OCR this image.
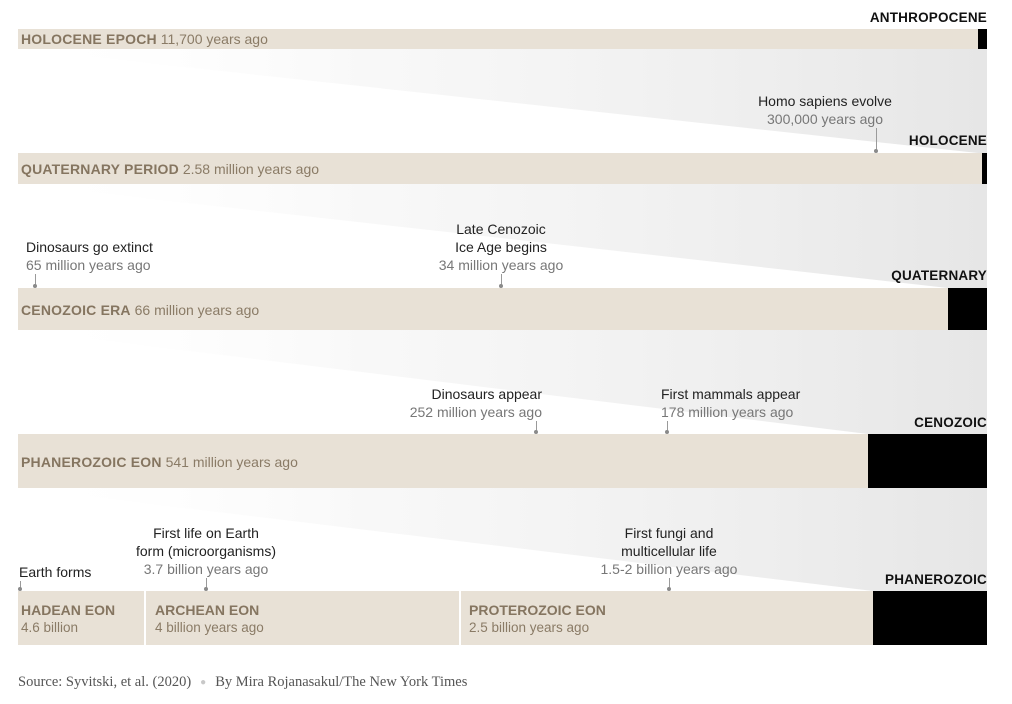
ANTHROPOCENE
HOLOCENE EPOCH 11,700 years ago
Homo sapiens evolve
300,000 years ago
HOLOCENE
QUATERNARY PERIOD 2.58 million years ago
Dinosaurs go extinct
65 million years ago
Late Cenozoic
Ice Age begins
34 million years ago
QUATERNARY
CENOZOIC ERA 66 million years ago
Dinosaurs appear
252 million years ago
First mammals appear
178 million years ago
CENOZOIC
PHANEROZOIC EON 541 million years ago
Earth forms
First life on Earth
form (microorganisms)
3.7 billion years ago
First fungi and
multicellular life
1.5-2 billion years ago
PHANEROZOIC
HADEAN EON
4.6 billion
ARCHEAN EON
4 billion years ago
PROTEROZOIC EON
2.5 billion years ago
Source: Syvitski, et al. (2020) ● By Mira Rojanasakul/The New York Times
